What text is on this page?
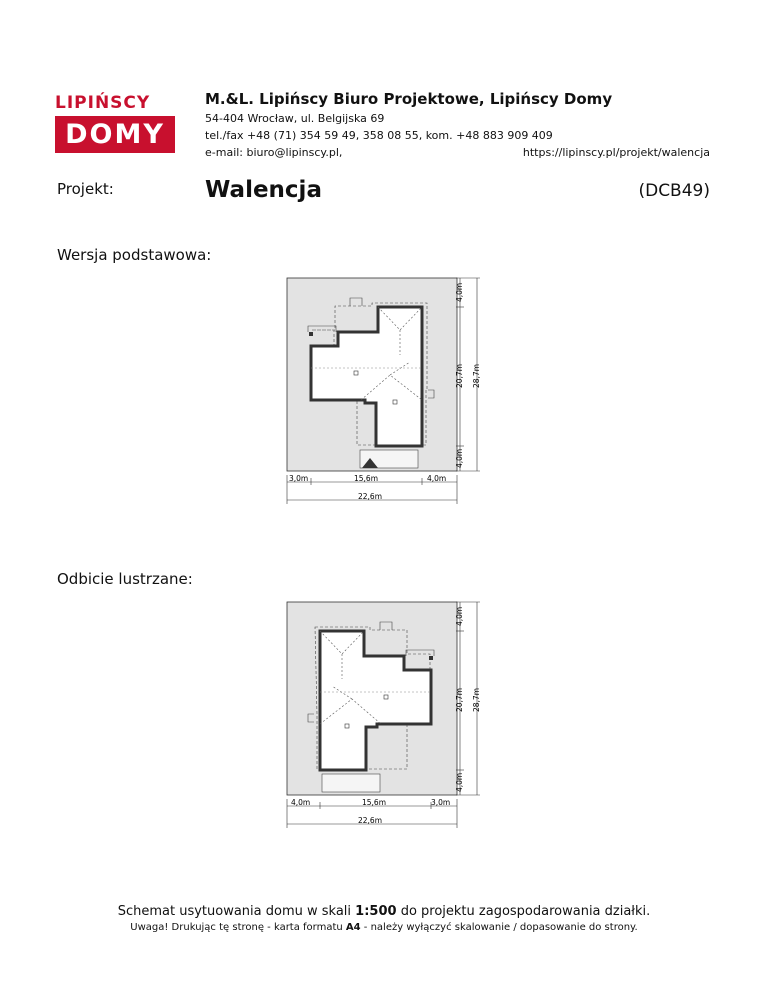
LIPIŃSCY
DOMY
M.&L. Lipińscy Biuro Projektowe, Lipińscy Domy
54-404 Wrocław, ul. Belgijska 69
tel./fax +48 (71) 354 59 49, 358 08 55, kom. +48 883 909 409
e-mail: biuro@lipinscy.pl,	https://lipinscy.pl/projekt/walencja
Projekt:	Walencja	(DCB49)
Wersja podstawowa:
4,0m
20,7m 28,7m
4,0m
3,0m	15,6m	4,0m
22,6m
Odbicie lustrzane:
4,0m
20,7m 28,7m
4,0m
4,0m	15,6m	3,0m
22,6m
Schemat usytuowania domu w skali 1:500 do projektu zagospodarowania działki.
Uwaga! Drukując tę stronę - karta formatu A4 - należy wyłączyć skalowanie / dopasowanie do strony.
